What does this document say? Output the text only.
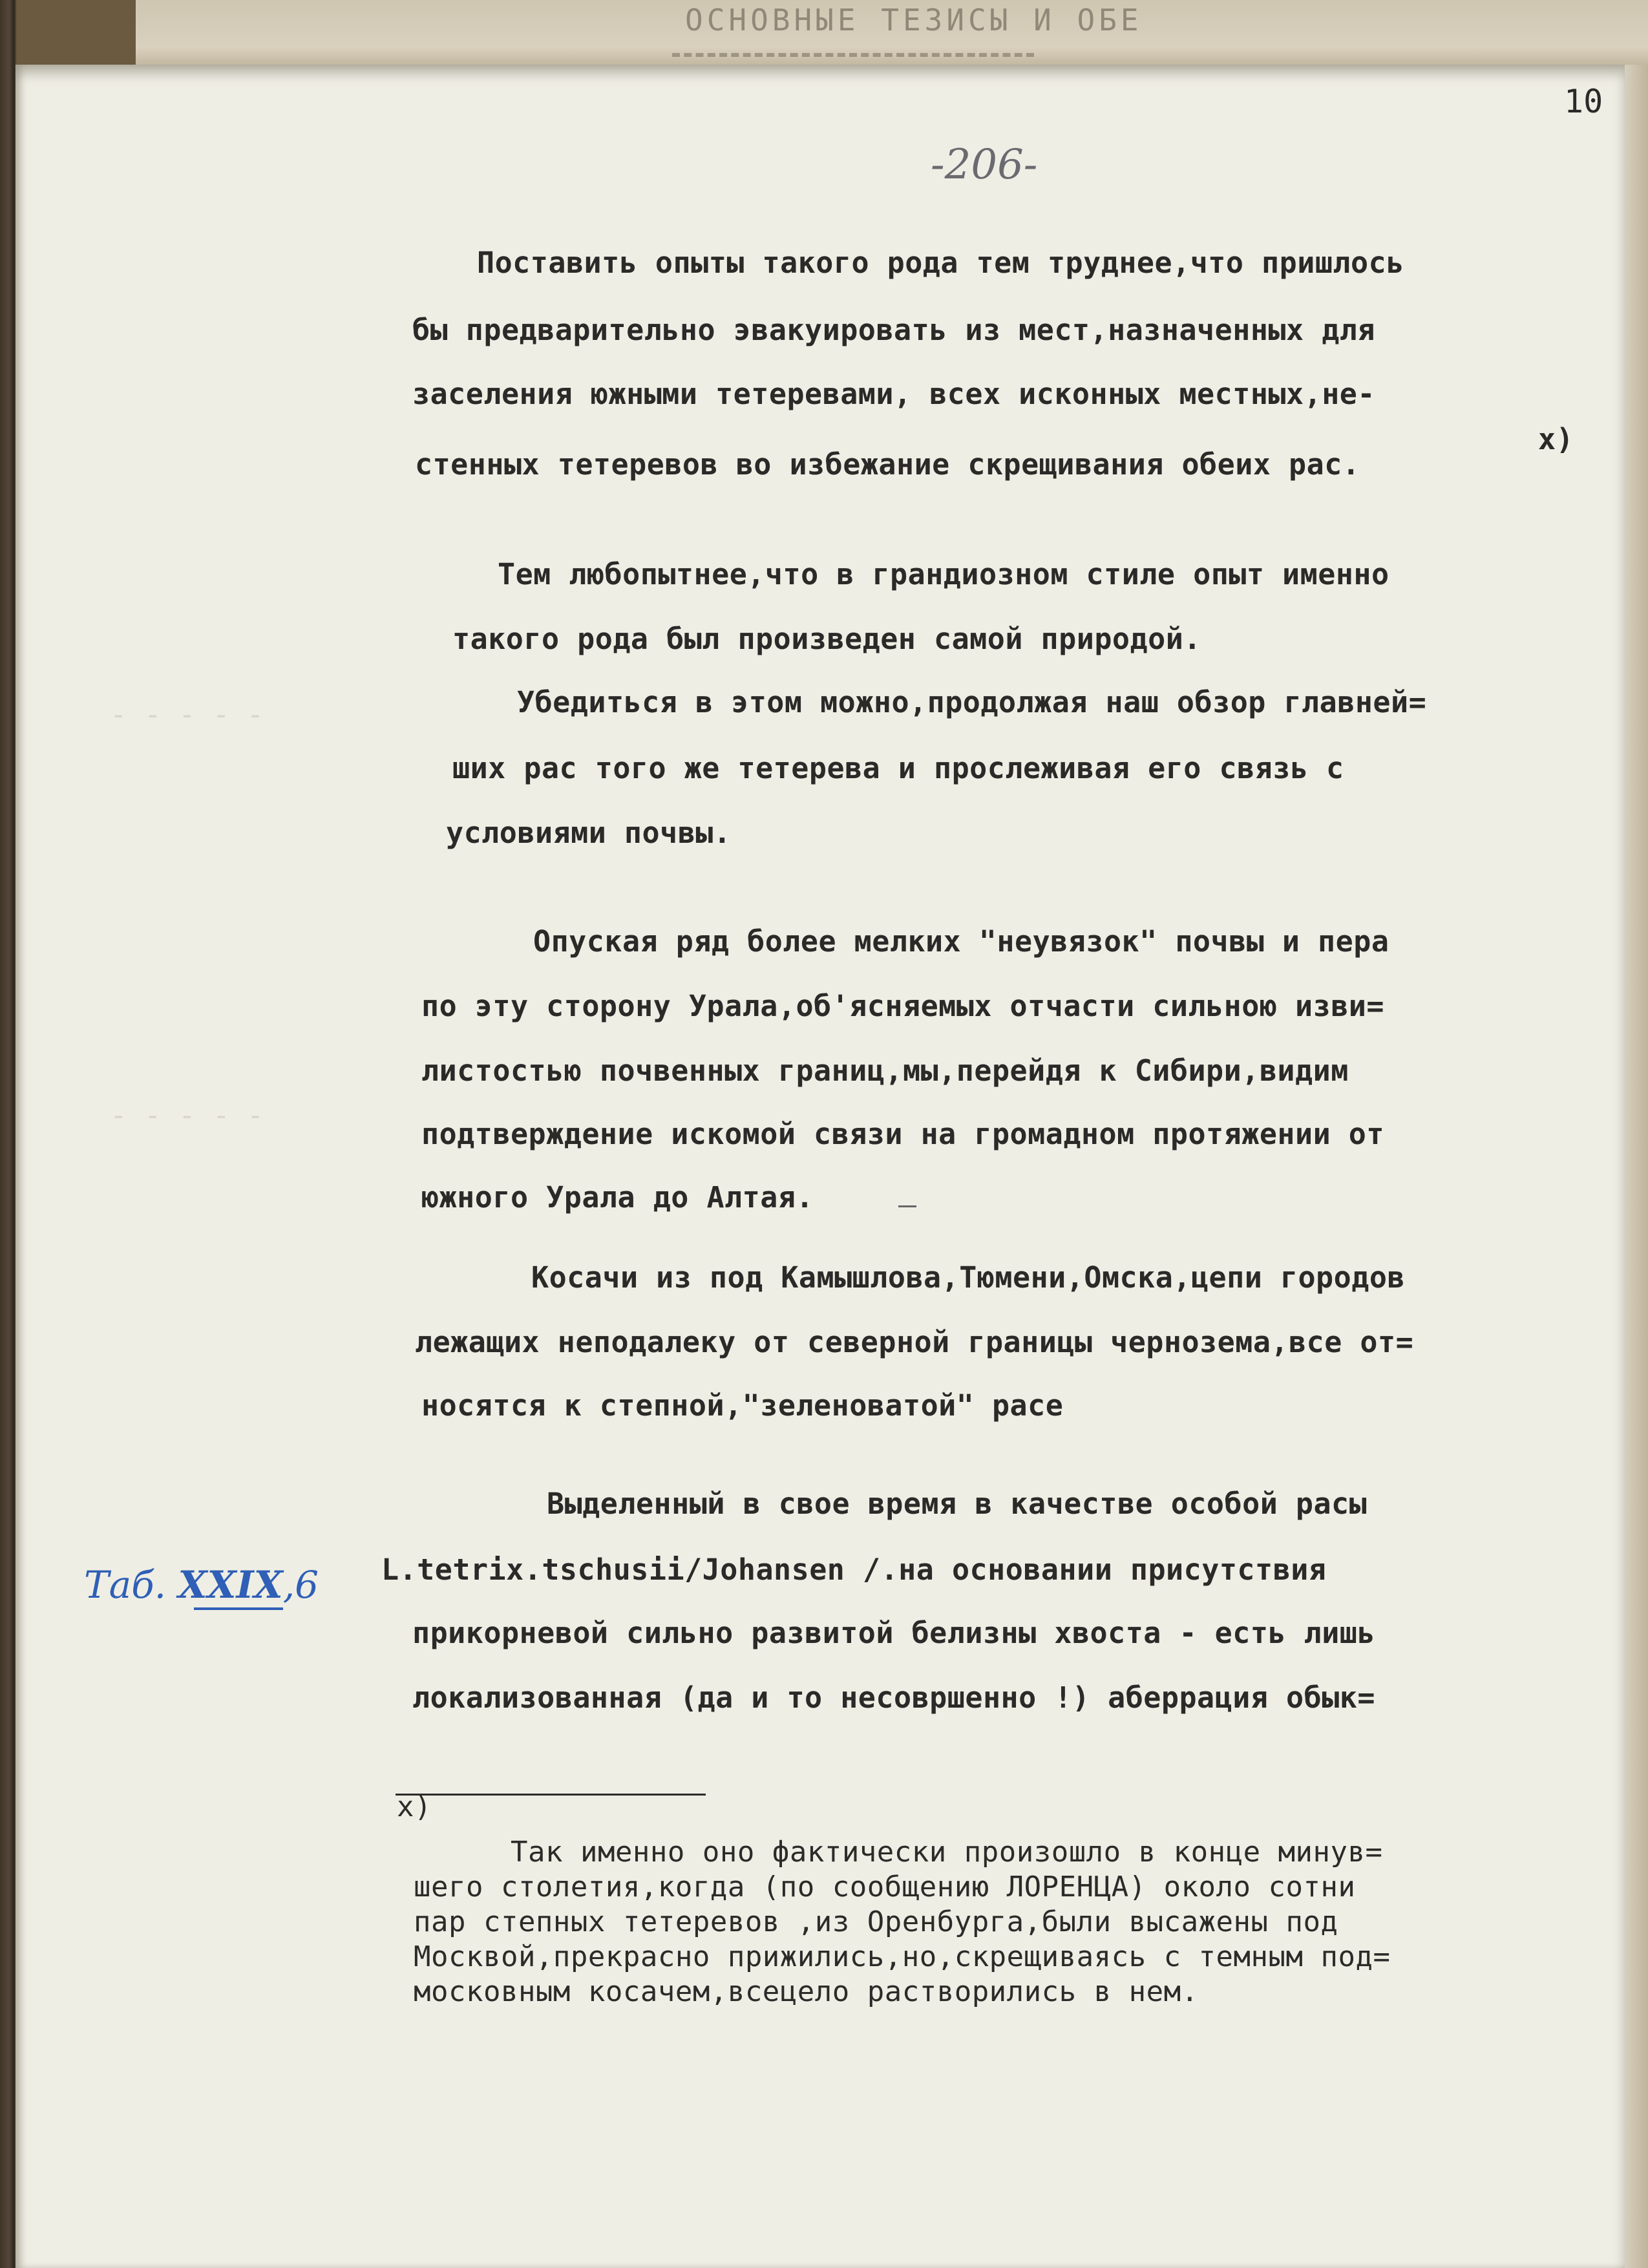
ОСНОВНЫЕ ТЕЗИСЫ И ОБЕ
- - - - -
- - - - -
10
-206-
Поставить опыты такого рода тем труднее,что пришлось
бы предварительно эвакуировать из мест,назначенных для
заселения южными тетеревами, всех исконных местных,не-
x)
стенных тетеревов во избежание скрещивания обеих рас.
Тем любопытнее,что в грандиозном стиле опыт именно
такого рода был произведен самой природой.
Убедиться в этом можно,продолжая наш обзор главней=
ших рас того же тетерева и прослеживая его связь с
условиями почвы.
Опуская ряд более мелких "неувязок" почвы и пера
по эту сторону Урала,об'ясняемых отчасти сильною изви=
листостью почвенных границ,мы,перейдя к Сибири,видим
подтверждение искомой связи на громадном протяжении от
южного Урала до Алтая.
Косачи из под Камышлова,Тюмени,Омска,цепи городов
лежащих неподалеку от северной границы чернозема,все от=
носятся к степной,"зеленоватой" расе
Выделенный в свое время в качестве особой расы
L.tetrix.tschusii/Johansen /.на основании присутствия
прикорневой сильно развитой белизны хвоста - есть лишь
локализованная (да и то несовршенно !) аберрация обык=
Таб. XXIX,6
x)
Так именно оно фактически произошло в конце минув=
шего столетия,когда (по сообщению ЛОРЕНЦА) около сотни
пар степных тетеревов ,из Оренбурга,были высажены под
Москвой,прекрасно прижились,но,скрещиваясь с темным под=
московным косачем,всецело растворились в нем.
